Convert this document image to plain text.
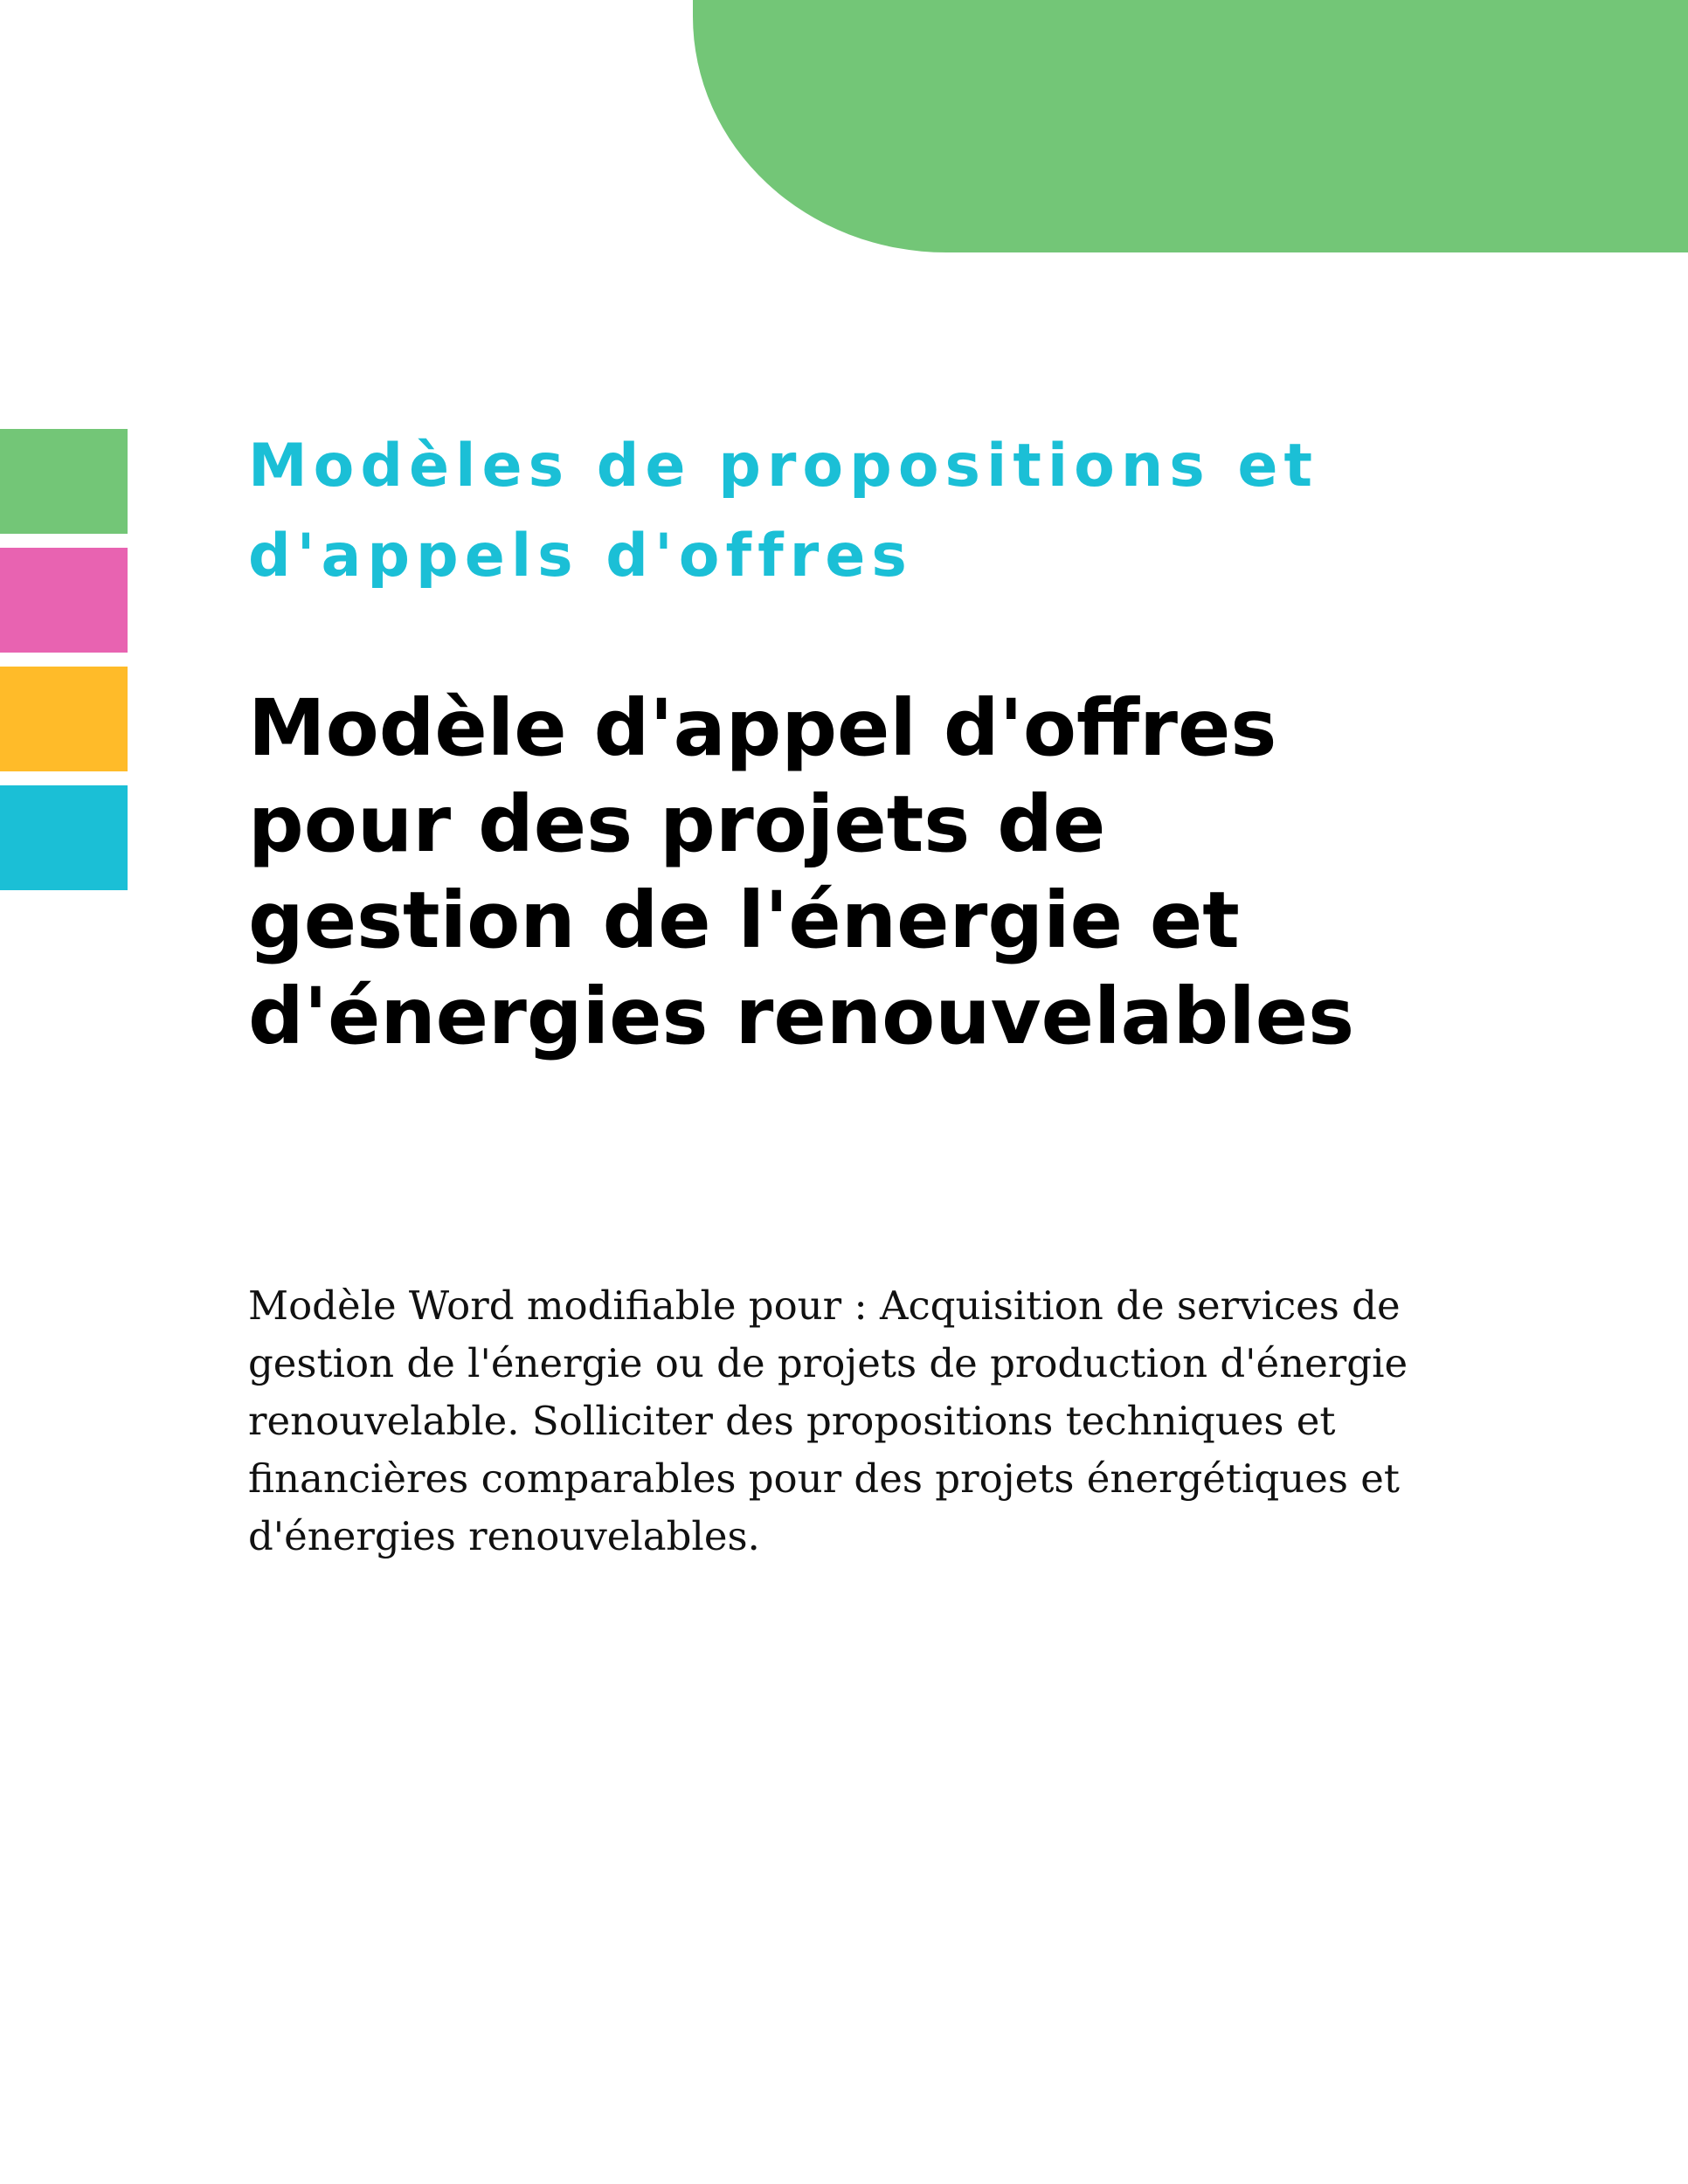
Modèles de propositions et
d'appels d'offres
Modèle d'appel d'offres
pour des projets de
gestion de l'énergie et
d'énergies renouvelables

Modèle Word modifiable pour : Acquisition de services de
gestion de l'énergie ou de projets de production d'énergie
renouvelable. Solliciter des propositions techniques et
financières comparables pour des projets énergétiques et
d'énergies renouvelables.
